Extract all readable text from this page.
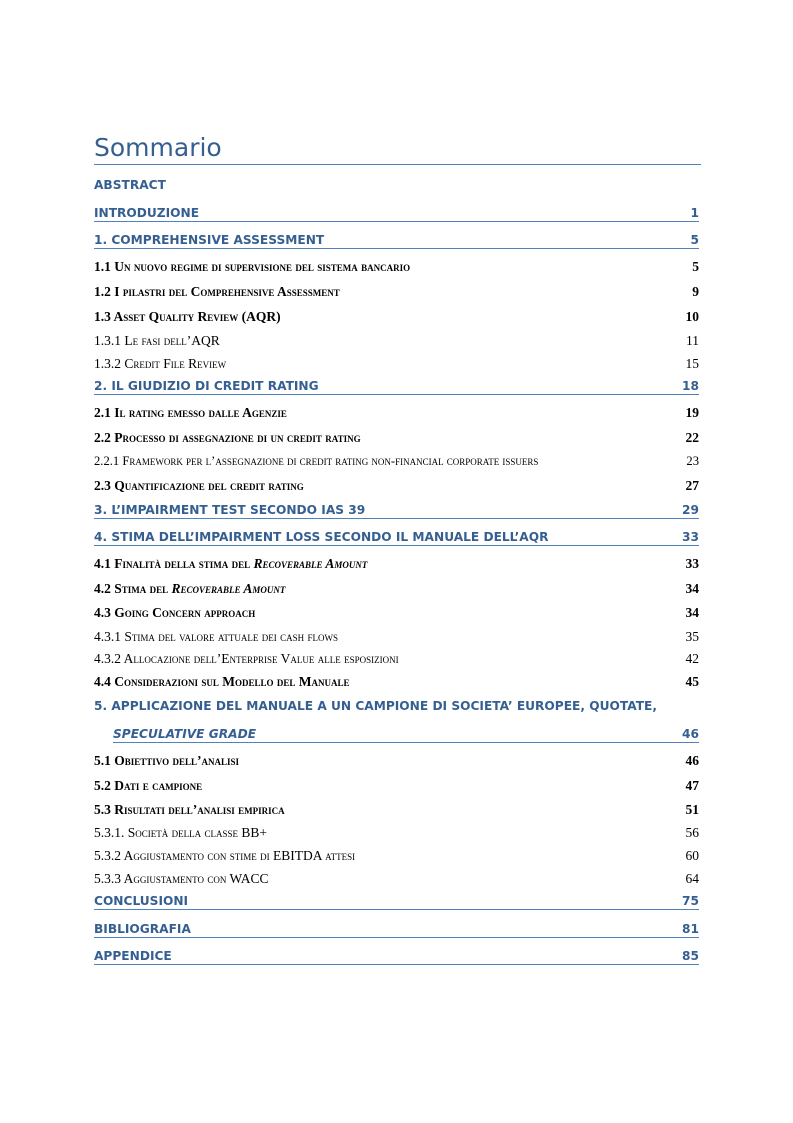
Sommario
ABSTRACT
INTRODUZIONE	1
1. COMPREHENSIVE ASSESSMENT	5
1.1 Un nuovo regime di supervisione del sistema bancario	5
1.2 I pilastri del Comprehensive Assessment	9
1.3 Asset Quality Review (AQR)	10
1.3.1 Le fasi dell’AQR	11
1.3.2 Credit File Review	15
2. IL GIUDIZIO DI CREDIT RATING	18
2.1 Il rating emesso dalle Agenzie	19
2.2 Processo di assegnazione di un credit rating	22
2.2.1 Framework per l’assegnazione di credit rating non-financial corporate issuers	23
2.3 Quantificazione del credit rating	27
3. L’IMPAIRMENT TEST SECONDO IAS 39	29
4. STIMA DELL’IMPAIRMENT LOSS SECONDO IL MANUALE DELL’AQR	33
4.1 Finalità della stima del Recoverable Amount	33
4.2 Stima del Recoverable Amount	34
4.3 Going Concern approach	34
4.3.1 Stima del valore attuale dei cash flows	35
4.3.2 Allocazione dell’Enterprise Value alle esposizioni	42
4.4 Considerazioni sul Modello del Manuale	45
5. APPLICAZIONE DEL MANUALE A UN CAMPIONE DI SOCIETA’ EUROPEE, QUOTATE,
SPECULATIVE GRADE	46
5.1 Obiettivo dell’analisi	46
5.2 Dati e campione	47
5.3 Risultati dell’analisi empirica	51
5.3.1. Società della classe BB+	56
5.3.2 Aggiustamento con stime di EBITDA attesi	60
5.3.3 Aggiustamento con WACC	64
CONCLUSIONI	75
BIBLIOGRAFIA	81
APPENDICE	85
